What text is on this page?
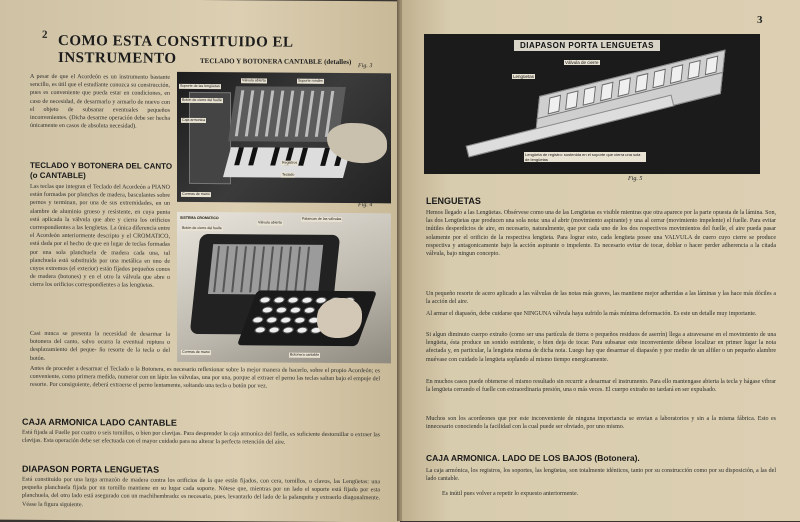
2 COMO ESTA CONSTITUIDO EL INSTRUMENTO	TECLADO Y BOTONERA CANTABLE (detalles)
A pesar de que el Acordeón es un instrumento bastante sencillo, es útil que el estudiante conozca su construcción, pues es conveniente que pueda estar en condiciones, en caso de necesidad, de desarmarlo y armarlo de nuevo con el objeto de subsanar eventuales pequeños inconvenientes. (Dicha desarme operación debe ser hecha únicamente en casos de absoluta necesidad).
TECLADO Y BOTONERA DEL CANTO (o CANTABLE)
Las teclas que integran el Teclado del Acordeón a PIANO están formadas por planchas de madera, basculantes sobre pernos y terminan, por una de sus extremidades, en un alambre de aluminio grueso y resistente, en cuya punta está aplicada la válvula que abre y cierra los orificios correspondientes a las lengüetas. La única diferencia entre el Acordeón anteriormente descripto y el CROMATICO, está dada por el hecho de que en lugar de teclas formadas por una sola planchuela de madera cada una, tal planchuela está substituida por una metálica en uno de cuyos extremos (el exterior) están fijados pequeños conos de madera (botones) y en el otro la válvula que abre o cierra los orificios correspondientes a las lengüetas.
Casi nunca se presenta la necesidad de desarmar la botonera del canto, salvo ocurra la eventual ruptura o desplazamiento del peque- ño resorte de la tecla o del botón.
Antes de proceder a desarmar el Teclado o la Botonera, es necesario reflexionar sobre la mejor manera de hacerlo, sobre el propio Acordeón; es conveniente, como primera medida, numerar con un lápiz las válvulas, una por una, porque al extraer el perno las teclas saltan bajo el empuje del resorte. Por consiguiente, deberá extraerse el perno lentamente, soltando una tecla o botón por vez.
CAJA ARMONICA LADO CANTABLE
Está fijada al Fuelle por cuatro o seis tornillos, o bien por clavijas. Para desprender la caja armonica del fuelle, es suficiente destornillar o extraer las clavijas. Esta operación debe ser efectuada con el mayor cuidado para no alterar la perfecta retención del aire.
DIAPASON PORTA LENGUETAS
Está constituido por una larga armazón de madera contra los orificios de la que están fijados, con cera, tornillos, o clavos, las Lengüetas: una pequeña planchuela fijada por un tornillo mantiene en su lugar cada soporte. Nótese que, mientras por un lado el soporte está fijado por esta planchuela, del otro lado está asegurado con un machihembrado: es necesario, pues, levantarlo del lado de la palanquita y extraerlo diagonalmente. Véase la figura siguiente.
Fig. 3
Soporte de las lengüetas
Válvula abierta
Botón de cierre del fuelle
Caja armonica
Teclado
Correas de mano
Registros
Soporte rondlm
Fig. 4
SISTEMA CROMATICO
Válvula abierta
Palancas de las válvulas
Botón de cierre del fuelle
Correas de mano
Botonera cantable
3
DIAPASON PORTA LENGUETAS
Válvula de cierre
Lengüetas
Lengüeta de registro: sostenida en el soporte que cierra una sola de lengüetas
Fig. 5
LENGUETAS
Hemos llegado a las Lengüetas. Obsérvese como una de las Lengüetas es visible mientras que otra aparece por la parte opuesta de la lámina. Son, las dos Lengüetas que producen una sola nota: una al abrir (movimiento aspirante) y una al cerrar (movimiento impelente) el fuelle. Para evitar inútiles desperdicios de aire, en necesario, naturalmente, que por cada uno de los dos respectivos movimientos del fuelle, el aire pueda pasar solamente por el orificio de la respectiva lengüeta. Para lograr esto, cada lengüeta posee una VALVULA de cuero cuyo cierre se produce respectiva y antagonicamente bajo la acción aspirante o impelente. Es necesario evitar de tocar, doblar o hacer perder adherencia a la citada válvula, bajo ningun concepto.
Un pequeño resorte de acero aplicado a las válvulas de las notas más graves, las mantiene mejor adheridas a las láminas y las hace más dóciles a la acción del aire.
Al armar el diapasón, debe cuidarse que NINGUNA válvula haya sufrido la más mínima deformación. Es este un detalle muy importante.
Si algun diminuto cuerpo extraño (como ser una partícula de tierra o pequeños residuos de aserrín) llega a atravesarse en el movimiento de una lengüeta, ésta produce un sonido estridente, o bien deja de tocar. Para subsanar este inconveniente débese localizar en primer lugar la nota afectada y, en particular, la lengüeta misma de dicha nota. Luego hay que desarmar el diapasón y por medio de un alfiler o un pequeño alambre muévase con cuidado la lengüeta soplando al mismo tiempo energicamente.
En muchos casos puede obtenerse el mismo resultado sin recurrir a desarmar el instrumento. Para ello mantengase abierta la tecla y hágase vibrar la lengüeta cerrando el fuelle con extraordinaria presión, una o más veces. El cuerpo extraño no tardará en ser expulsado.
Muchos son los acordeones que por este inconveniente de ninguna importancia se envian a laboratorios y sin a la misma fábrica. Esto es innecesario conociendo la facilidad con la cual puede ser obviado, por uno mismo.
CAJA ARMONICA. LADO DE LOS BAJOS (Botonera).
La caja armónica, los registros, los soportes, las lengüetas, son totalmente idénticos, tanto por su construcción como por su disposición, a las del lado cantable.
Es inútil pues volver a repetir lo expuesto anteriormente.
